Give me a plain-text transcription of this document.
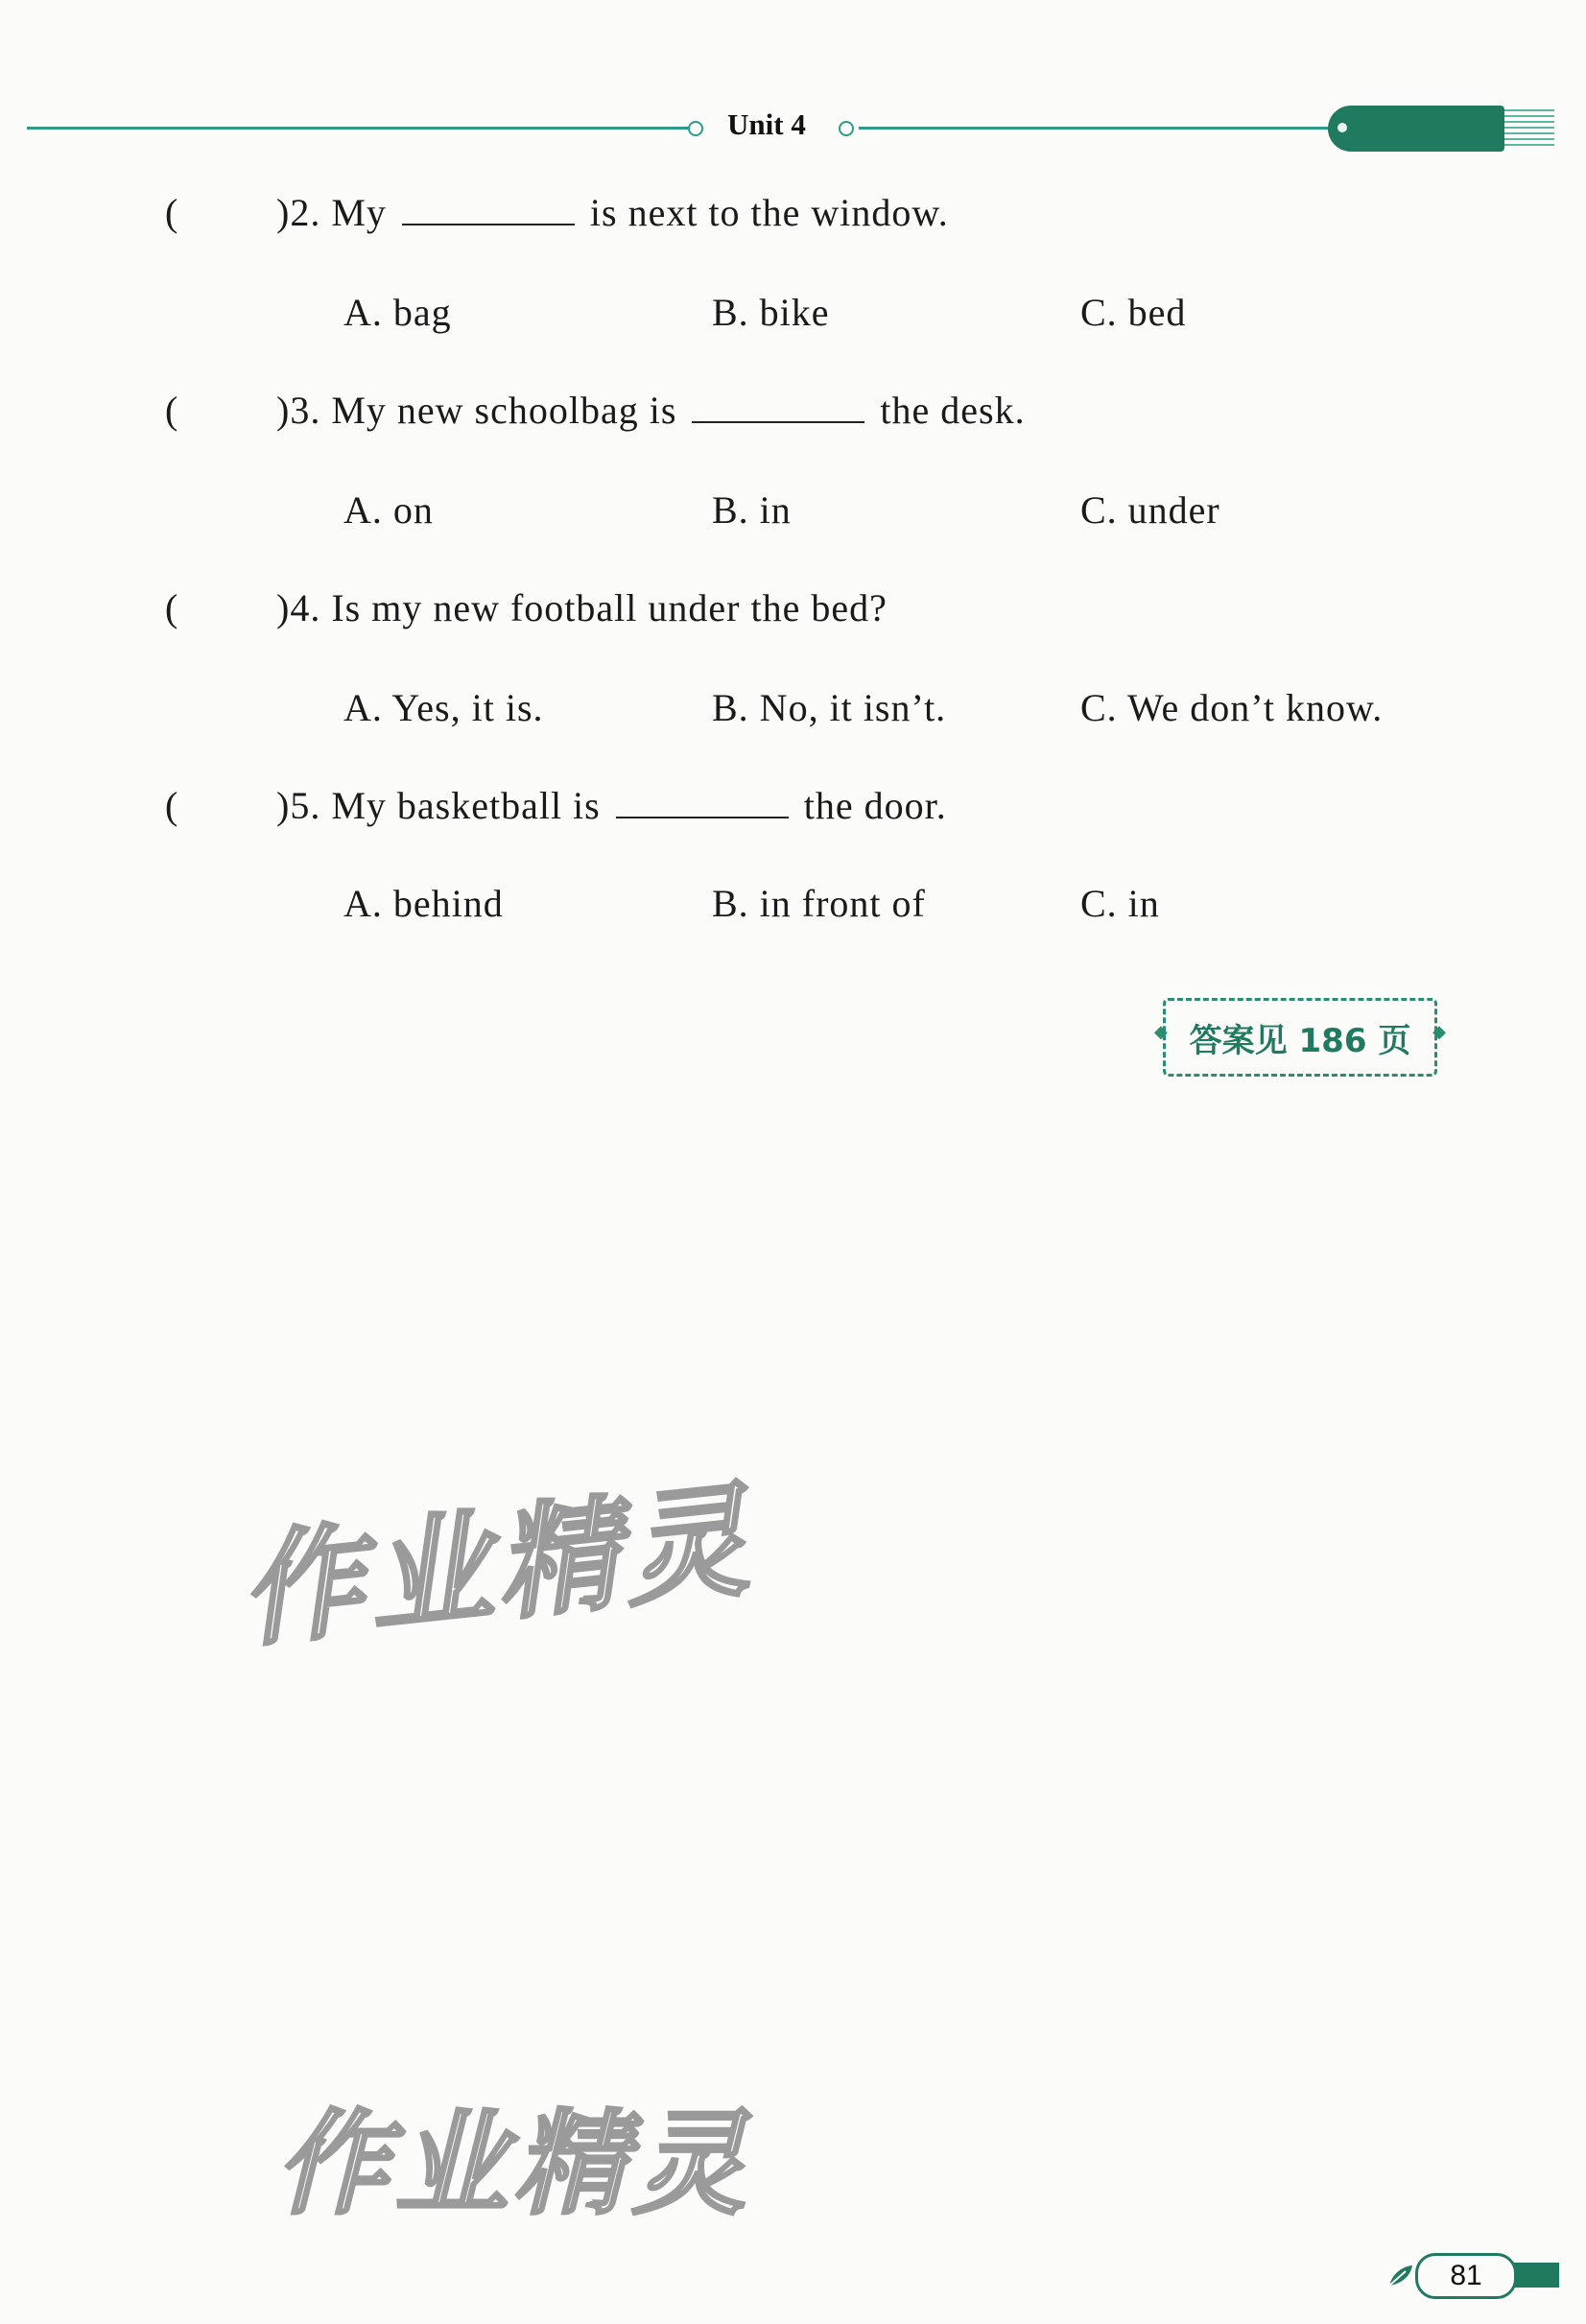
Unit 4
(	)2. My	is next to the window.
A. bag	B. bike	C. bed
(	)3. My new schoolbag is	the desk.
A. on	B. in	C. under
(	)4. Is my new football under the bed?
A. Yes, it is.	B. No, it isn’t.	C. We don’t know.
(	)5. My basketball is	the door.
A. behind	B. in front of	C. in
◆ 答案见 186 页 ◆
作业精灵
作业精灵
81
